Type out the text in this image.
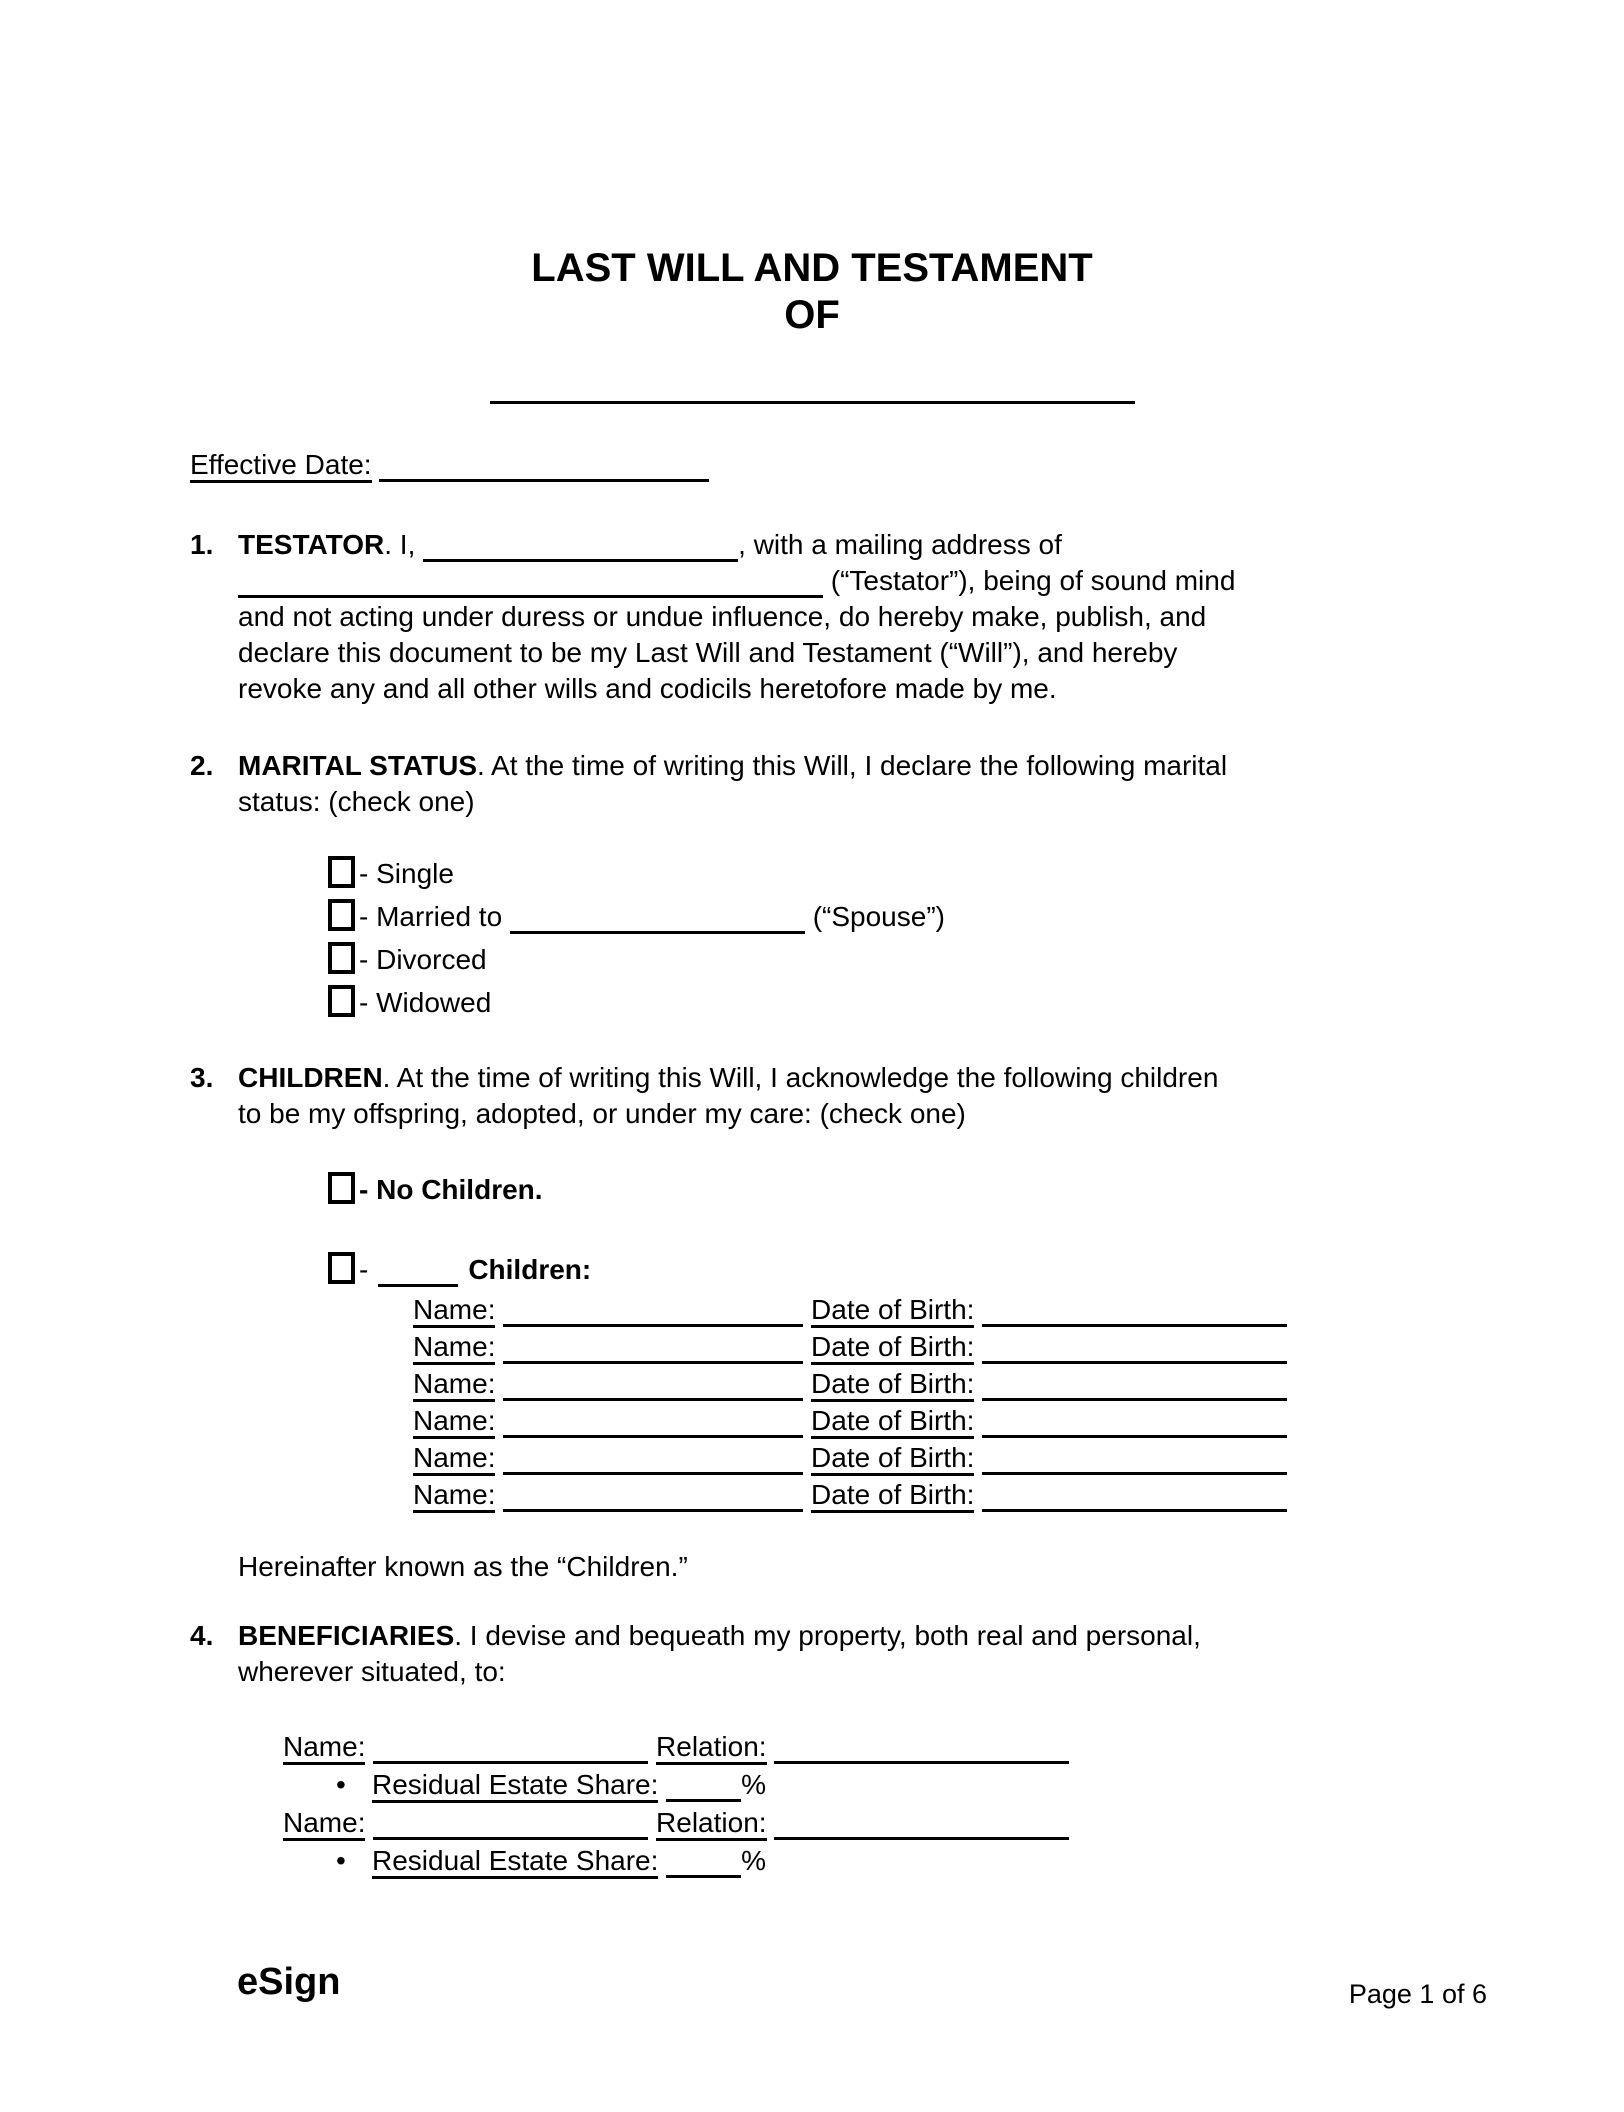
LAST WILL AND TESTAMENT
OF
Effective Date:
1. TESTATOR. I,	, with a mailing address of
(“Testator”), being of sound mind
and not acting under duress or undue influence, do hereby make, publish, and
declare this document to be my Last Will and Testament (“Will”), and hereby
revoke any and all other wills and codicils heretofore made by me.
2. MARITAL STATUS. At the time of writing this Will, I declare the following marital
status: (check one)
- Single
- Married to	(“Spouse”)
- Divorced
- Widowed
3. CHILDREN. At the time of writing this Will, I acknowledge the following children
to be my offspring, adopted, or under my care: (check one)
- No Children.
-	Children:
Name:	Date of Birth:
Name:	Date of Birth:
Name:	Date of Birth:
Name:	Date of Birth:
Name:	Date of Birth:
Name:	Date of Birth:
Hereinafter known as the “Children.”
4. BENEFICIARIES. I devise and bequeath my property, both real and personal,
wherever situated, to:
Name:	Relation:
•Residual Estate Share:	%
Name:	Relation:
•Residual Estate Share:	%
eSign	Page 1 of 6
